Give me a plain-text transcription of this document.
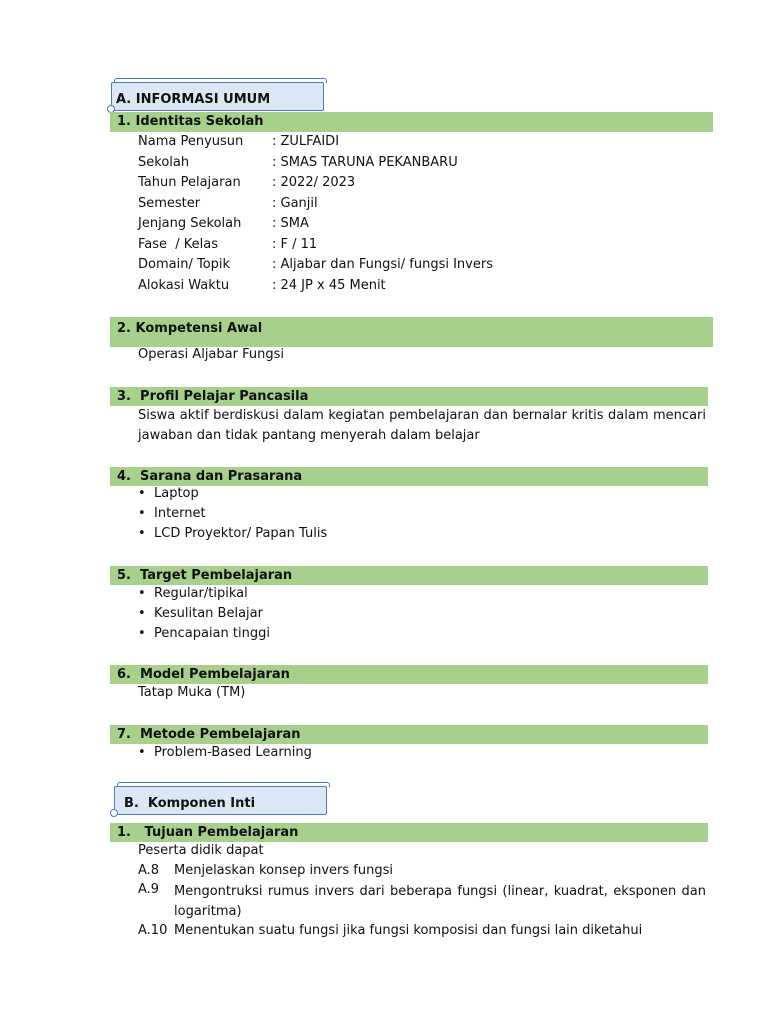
A. INFORMASI UMUM
1. Identitas Sekolah
Nama Penyusun : ZULFAIDI
Sekolah	: SMAS TARUNA PEKANBARU
Tahun Pelajaran : 2022/ 2023
Semester	: Ganjil
Jenjang Sekolah : SMA
Fase  / Kelas	: F / 11
Domain/ Topik	: Aljabar dan Fungsi/ fungsi Invers
Alokasi Waktu	: 24 JP x 45 Menit
2. Kompetensi Awal
Operasi Aljabar Fungsi
3.  Profil Pelajar Pancasila
Siswa aktif berdiskusi dalam kegiatan pembelajaran dan bernalar kritis dalam mencari jawaban dan tidak pantang menyerah dalam belajar
4.  Sarana dan Prasarana
• Laptop
• Internet
• LCD Proyektor/ Papan Tulis
5.  Target Pembelajaran
• Regular/tipikal
• Kesulitan Belajar
• Pencapaian tinggi
6.  Model Pembelajaran
Tatap Muka (TM)
7.  Metode Pembelajaran
• Problem-Based Learning
B.  Komponen Inti
1.   Tujuan Pembelajaran
Peserta didik dapat
A.8 Menjelaskan konsep invers fungsi
A.9 Mengontruksi rumus invers dari beberapa fungsi (linear, kuadrat, eksponen dan logaritma)
A.10 Menentukan suatu fungsi jika fungsi komposisi dan fungsi lain diketahui
